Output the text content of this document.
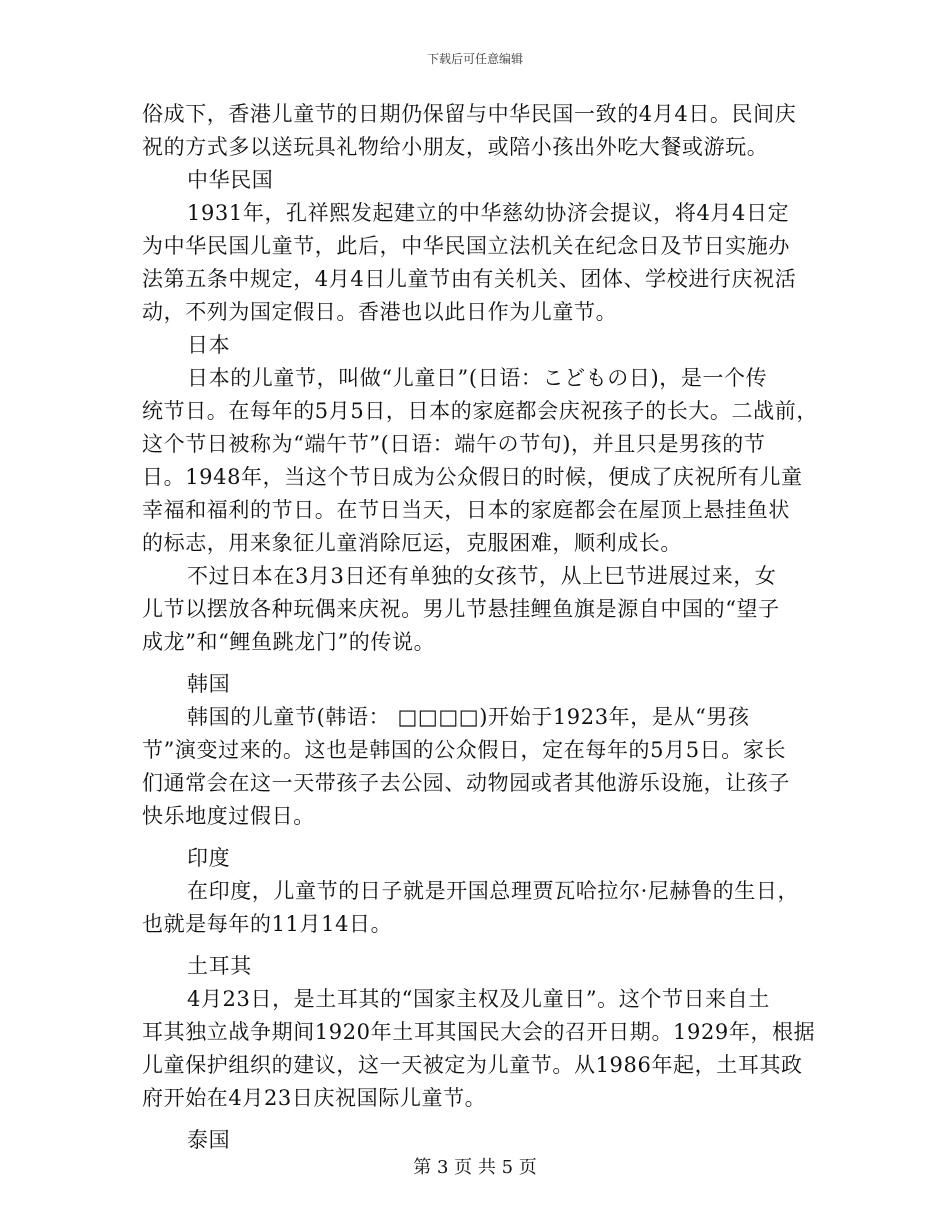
下载后可任意编辑
俗成下，香港儿童节的日期仍保留与中华民国一致的4月4日。民间庆
祝的方式多以送玩具礼物给小朋友，或陪小孩出外吃大餐或游玩。
中华民国
1931年，孔祥熙发起建立的中华慈幼协济会提议，将4月4日定
为中华民国儿童节，此后，中华民国立法机关在纪念日及节日实施办
法第五条中规定，4月4日儿童节由有关机关、团体、学校进行庆祝活
动，不列为国定假日。香港也以此日作为儿童节。
日本
日本的儿童节，叫做“儿童日”(日语：こどもの日)，是一个传
统节日。在每年的5月5日，日本的家庭都会庆祝孩子的长大。二战前，
这个节日被称为“端午节”(日语：端午の节句)，并且只是男孩的节
日。1948年，当这个节日成为公众假日的时候，便成了庆祝所有儿童
幸福和福利的节日。在节日当天，日本的家庭都会在屋顶上悬挂鱼状
的标志，用来象征儿童消除厄运，克服困难，顺利成长。
不过日本在3月3日还有单独的女孩节，从上巳节进展过来，女
儿节以摆放各种玩偶来庆祝。男儿节悬挂鲤鱼旗是源自中国的“望子
成龙”和“鲤鱼跳龙门”的传说。
韩国
韩国的儿童节(韩语： □□□□)开始于1923年，是从“男孩
节”演变过来的。这也是韩国的公众假日，定在每年的5月5日。家长
们通常会在这一天带孩子去公园、动物园或者其他游乐设施，让孩子
快乐地度过假日。
印度
在印度，儿童节的日子就是开国总理贾瓦哈拉尔·尼赫鲁的生日，
也就是每年的11月14日。
土耳其
4月23日，是土耳其的“国家主权及儿童日”。这个节日来自土
耳其独立战争期间1920年土耳其国民大会的召开日期。1929年，根据
儿童保护组织的建议，这一天被定为儿童节。从1986年起，土耳其政
府开始在4月23日庆祝国际儿童节。
泰国
第 3 页 共 5 页
